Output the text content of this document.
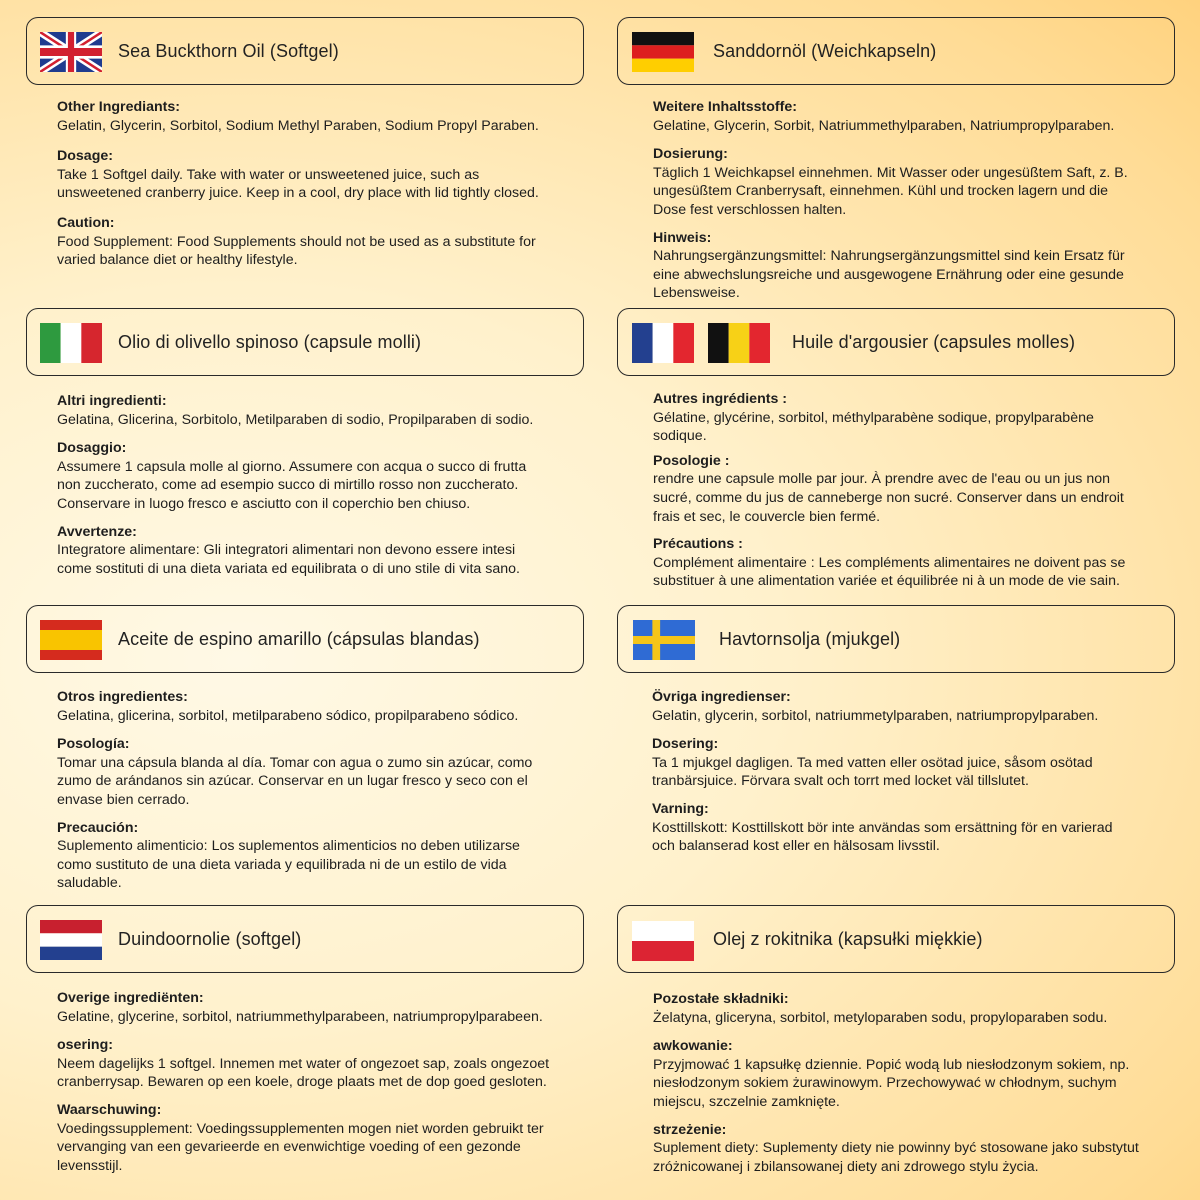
Sea Buckthorn Oil (Softgel)	Sanddornöl (Weichkapseln)
Other Ingrediants:
Gelatin, Glycerin, Sorbitol, Sodium Methyl Paraben, Sodium Propyl Paraben.
Dosage:
Take 1 Softgel daily. Take with water or unsweetened juice, such as
unsweetened cranberry juice. Keep in a cool, dry place with lid tightly closed.
Caution:
Food Supplement: Food Supplements should not be used as a substitute for
varied balance diet or healthy lifestyle.
Weitere Inhaltsstoffe:
Gelatine, Glycerin, Sorbit, Natriummethylparaben, Natriumpropylparaben.
Dosierung:
Täglich 1 Weichkapsel einnehmen. Mit Wasser oder ungesüßtem Saft, z. B.
ungesüßtem Cranberrysaft, einnehmen. Kühl und trocken lagern und die
Dose fest verschlossen halten.
Hinweis:
Nahrungsergänzungsmittel: Nahrungsergänzungsmittel sind kein Ersatz für
eine abwechslungsreiche und ausgewogene Ernährung oder eine gesunde
Lebensweise.
Olio di olivello spinoso (capsule molli)	Huile d'argousier (capsules molles)
Altri ingredienti:
Gelatina, Glicerina, Sorbitolo, Metilparaben di sodio, Propilparaben di sodio.
Dosaggio:
Assumere 1 capsula molle al giorno. Assumere con acqua o succo di frutta
non zuccherato, come ad esempio succo di mirtillo rosso non zuccherato.
Conservare in luogo fresco e asciutto con il coperchio ben chiuso.
Avvertenze:
Integratore alimentare: Gli integratori alimentari non devono essere intesi
come sostituti di una dieta variata ed equilibrata o di uno stile di vita sano.
Autres ingrédients :
Gélatine, glycérine, sorbitol, méthylparabène sodique, propylparabène
sodique.
Posologie :
rendre une capsule molle par jour. À prendre avec de l'eau ou un jus non
sucré, comme du jus de canneberge non sucré. Conserver dans un endroit
frais et sec, le couvercle bien fermé.
Précautions :
Complément alimentaire : Les compléments alimentaires ne doivent pas se
substituer à une alimentation variée et équilibrée ni à un mode de vie sain.
Aceite de espino amarillo (cápsulas blandas)	Havtornsolja (mjukgel)
Otros ingredientes:
Gelatina, glicerina, sorbitol, metilparabeno sódico, propilparabeno sódico.
Posología:
Tomar una cápsula blanda al día. Tomar con agua o zumo sin azúcar, como
zumo de arándanos sin azúcar. Conservar en un lugar fresco y seco con el
envase bien cerrado.
Precaución:
Suplemento alimenticio: Los suplementos alimenticios no deben utilizarse
como sustituto de una dieta variada y equilibrada ni de un estilo de vida
saludable.
Övriga ingredienser:
Gelatin, glycerin, sorbitol, natriummetylparaben, natriumpropylparaben.
Dosering:
Ta 1 mjukgel dagligen. Ta med vatten eller osötad juice, såsom osötad
tranbärsjuice. Förvara svalt och torrt med locket väl tillslutet.
Varning:
Kosttillskott: Kosttillskott bör inte användas som ersättning för en varierad
och balanserad kost eller en hälsosam livsstil.
Duindoornolie (softgel)	Olej z rokitnika (kapsułki miękkie)
Overige ingrediënten:
Gelatine, glycerine, sorbitol, natriummethylparabeen, natriumpropylparabeen.
osering:
Neem dagelijks 1 softgel. Innemen met water of ongezoet sap, zoals ongezoet
cranberrysap. Bewaren op een koele, droge plaats met de dop goed gesloten.
Waarschuwing:
Voedingssupplement: Voedingssupplementen mogen niet worden gebruikt ter
vervanging van een gevarieerde en evenwichtige voeding of een gezonde
levensstijl.
Pozostałe składniki:
Żelatyna, gliceryna, sorbitol, metyloparaben sodu, propyloparaben sodu.
awkowanie:
Przyjmować 1 kapsułkę dziennie. Popić wodą lub niesłodzonym sokiem, np.
niesłodzonym sokiem żurawinowym. Przechowywać w chłodnym, suchym
miejscu, szczelnie zamknięte.
strzeżenie:
Suplement diety: Suplementy diety nie powinny być stosowane jako substytut
zróżnicowanej i zbilansowanej diety ani zdrowego stylu życia.
